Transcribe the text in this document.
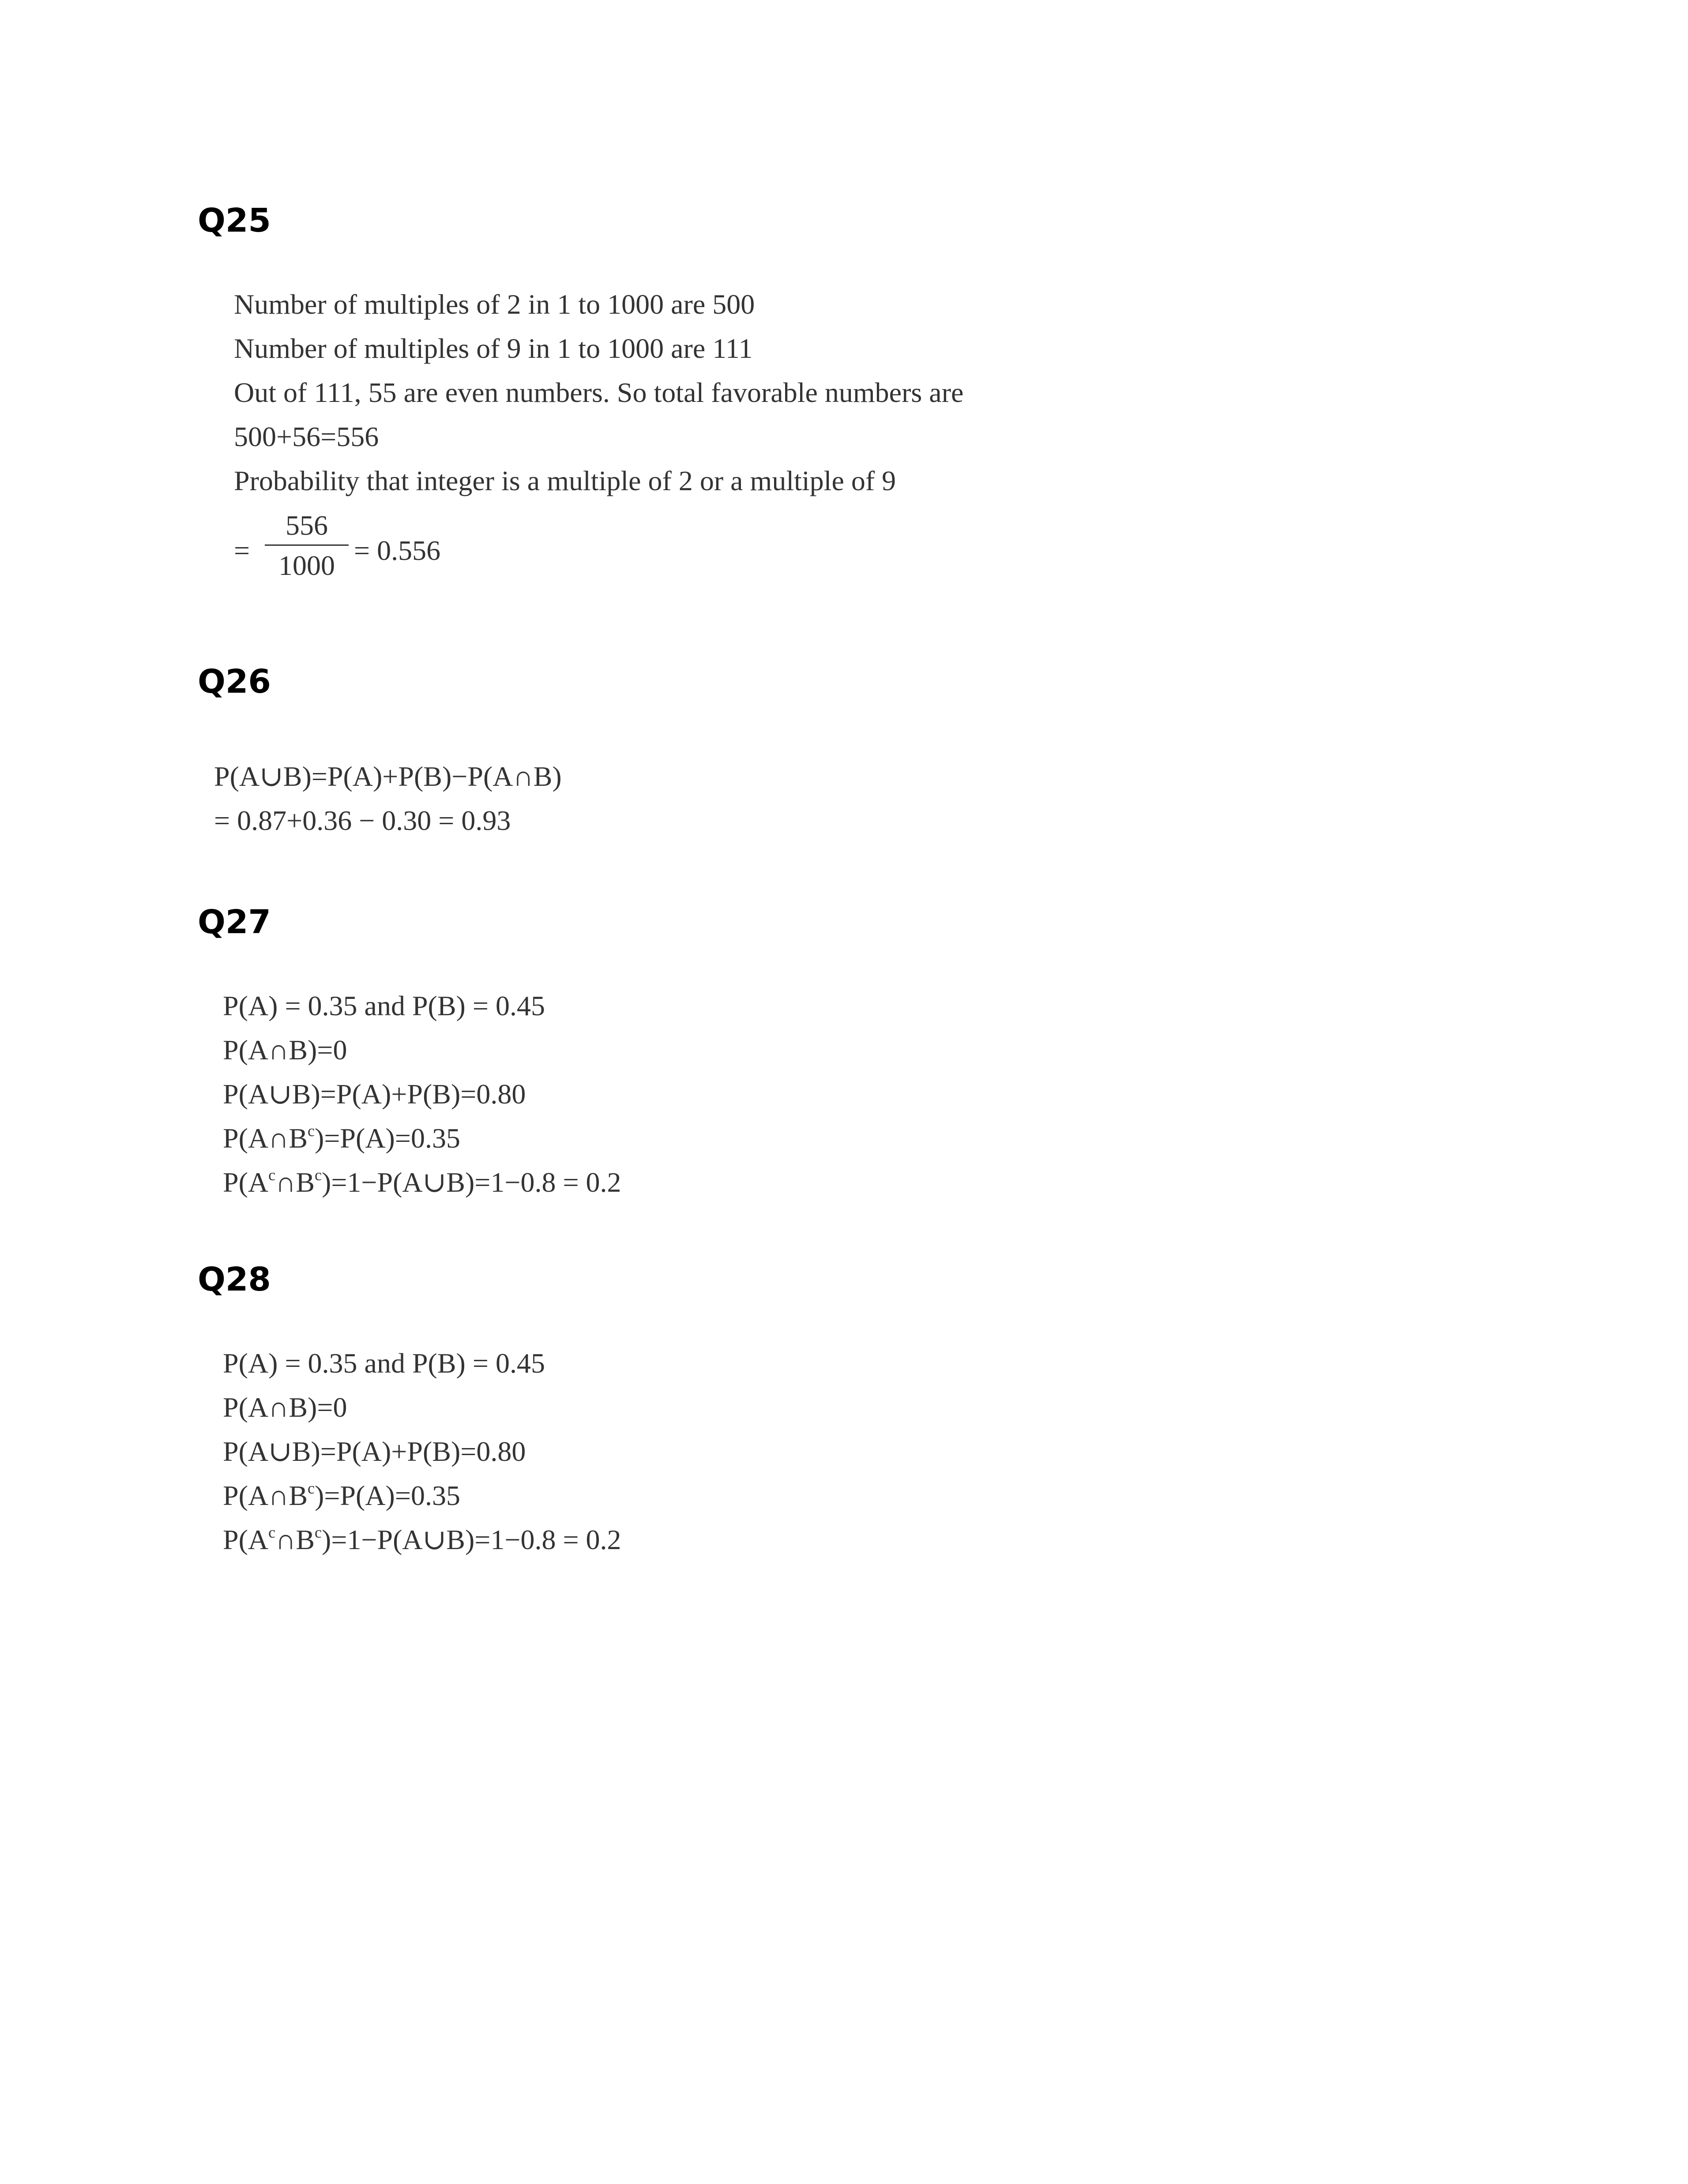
Q25
Number of multiples of 2 in 1 to 1000 are 500
Number of multiples of 9 in 1 to 1000 are 111
Out of 111, 55 are even numbers. So total favorable numbers are
500+56=556
Probability that integer is a multiple of 2 or a multiple of 9
=
556
1000 = 0.556
Q26
P(A∪B)=P(A)+P(B)−P(A∩B)
= 0.87+0.36 − 0.30 = 0.93
Q27
P(A) = 0.35 and P(B) = 0.45
P(A∩B)=0
P(A∪B)=P(A)+P(B)=0.80
$P(A\cap B^c)=P(A)=0.35$
$P(A^c\cap B^c)=1-P(A\cup B)=1-0.8 = 0.2$
Q28
P(A) = 0.35 and P(B) = 0.45
P(A∩B)=0
P(A∪B)=P(A)+P(B)=0.80
$P(A\cap B^c)=P(A)=0.35$
$P(A^c\cap B^c)=1-P(A\cup B)=1-0.8 = 0.2$
